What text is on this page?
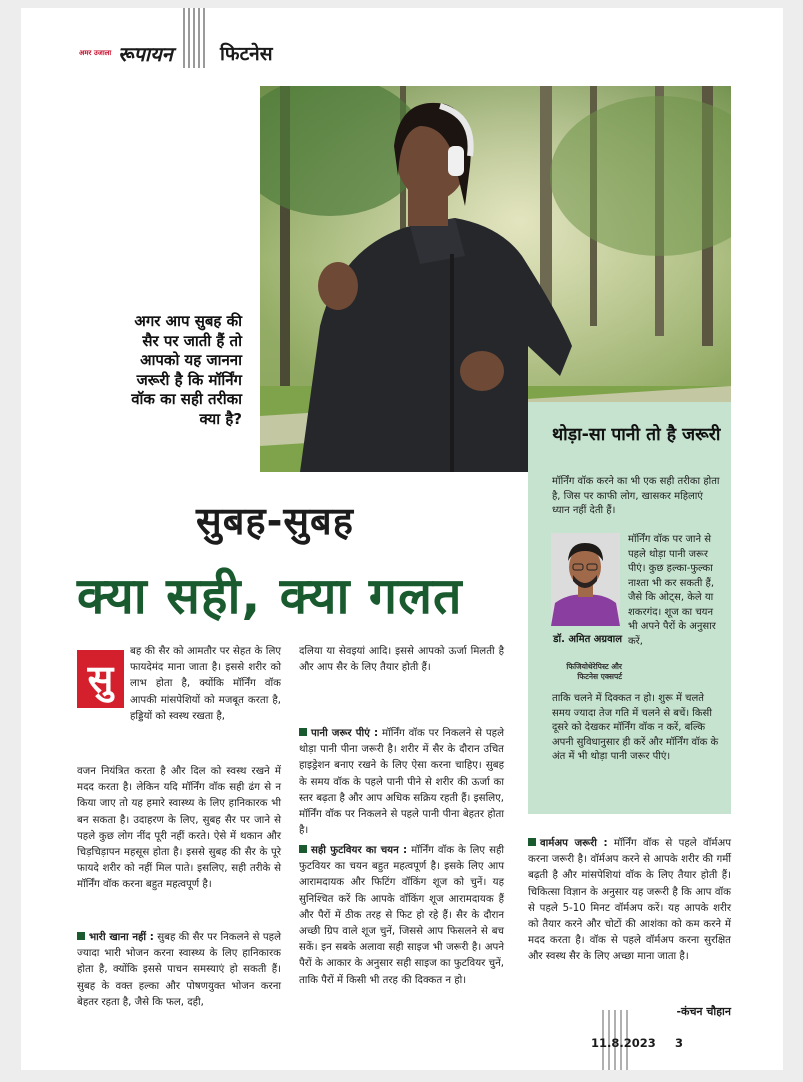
अमर उजाला रूपायन फिटनेस
अगर आप सुबह की सैर पर जाती हैं तो आपको यह जानना जरूरी है कि मॉर्निंग वॉक का सही तरीका क्या है?
सुबह-सुबह
क्या सही, क्या गलत
थोड़ा-सा पानी तो है जरूरी
मॉर्निंग वॉक करने का भी एक सही तरीका होता है, जिस पर काफी लोग, खासकर महिलाएं ध्यान नहीं देती हैं।
मॉर्निंग वॉक पर जाने से पहले थोड़ा पानी जरूर पीएं। कुछ हल्का-फुल्का नाश्ता भी कर सकती हैं, जैसे कि ओट्स, केले या शकरगंद। शूज का चयन भी अपने पैरों के अनुसार करें,
डॉ. अमित अग्रवाल
फिजियोथेरेपिस्ट और फिटनेस एक्सपर्ट
ताकि चलने में दिक्कत न हो। शुरू में चलते समय ज्यादा तेज गति में चलने से बचें। किसी दूसरे को देखकर मॉर्निंग वॉक न करें, बल्कि अपनी सुविधानुसार ही करें और मॉर्निंग वॉक के अंत में भी थोड़ा पानी जरूर पीएं।
सु
बह की सैर को आमतौर पर सेहत के लिए फायदेमंद माना जाता है। इससे शरीर को लाभ होता है, क्योंकि मॉर्निंग वॉक आपकी मांसपेशियों को मजबूत करता है, हड्डियों को स्वस्थ रखता है,
वजन नियंत्रित करता है और दिल को स्वस्थ रखने में मदद करता है। लेकिन यदि मॉर्निंग वॉक सही ढंग से न किया जाए तो यह हमारे स्वास्थ्य के लिए हानिकारक भी बन सकता है। उदाहरण के लिए, सुबह सैर पर जाने से पहले कुछ लोग नींद पूरी नहीं करते। ऐसे में थकान और चिड़चिड़ापन महसूस होता है। इससे सुबह की सैर के पूरे फायदे शरीर को नहीं मिल पाते। इसलिए, सही तरीके से मॉर्निंग वॉक करना बहुत महत्वपूर्ण है।
भारी खाना नहीं : सुबह की सैर पर निकलने से पहले ज्यादा भारी भोजन करना स्वास्थ्य के लिए हानिकारक होता है, क्योंकि इससे पाचन समस्याएं हो सकती हैं। सुबह के वक्त हल्का और पोषणयुक्त भोजन करना बेहतर रहता है, जैसे कि फल, दही,
दलिया या सेवइयां आदि। इससे आपको ऊर्जा मिलती है और आप सैर के लिए तैयार होती हैं।
पानी जरूर पीएं : मॉर्निंग वॉक पर निकलने से पहले थोड़ा पानी पीना जरूरी है। शरीर में सैर के दौरान उचित हाइड्रेशन बनाए रखने के लिए ऐसा करना चाहिए। सुबह के समय वॉक के पहले पानी पीने से शरीर की ऊर्जा का स्तर बढ़ता है और आप अधिक सक्रिय रहती हैं। इसलिए, मॉर्निंग वॉक पर निकलने से पहले पानी पीना बेहतर होता है।
सही फुटवियर का चयन : मॉर्निंग वॉक के लिए सही फुटवियर का चयन बहुत महत्वपूर्ण है। इसके लिए आप आरामदायक और फिटिंग वॉकिंग शूज को चुनें। यह सुनिश्चित करें कि आपके वॉकिंग शूज आरामदायक हैं और पैरों में ठीक तरह से फिट हो रहे हैं। सैर के दौरान अच्छी ग्रिप वाले शूज चुनें, जिससे आप फिसलने से बच सकें। इन सबके अलावा सही साइज भी जरूरी है। अपने पैरों के आकार के अनुसार सही साइज का फुटवियर चुनें, ताकि पैरों में किसी भी तरह की दिक्कत न हो।
वार्मअप जरूरी : मॉर्निंग वॉक से पहले वॉर्मअप करना जरूरी है। वॉर्मअप करने से आपके शरीर की गर्मी बढ़ती है और मांसपेशियां वॉक के लिए तैयार होती हैं। चिकित्सा विज्ञान के अनुसार यह जरूरी है कि आप वॉक से पहले 5-10 मिनट वॉर्मअप करें। यह आपके शरीर को तैयार करने और चोटों की आशंका को कम करने में मदद करता है। वॉक से पहले वॉर्मअप करना सुरक्षित और स्वस्थ सैर के लिए अच्छा माना जाता है।
-कंचन चौहान
11.8.2023 3
